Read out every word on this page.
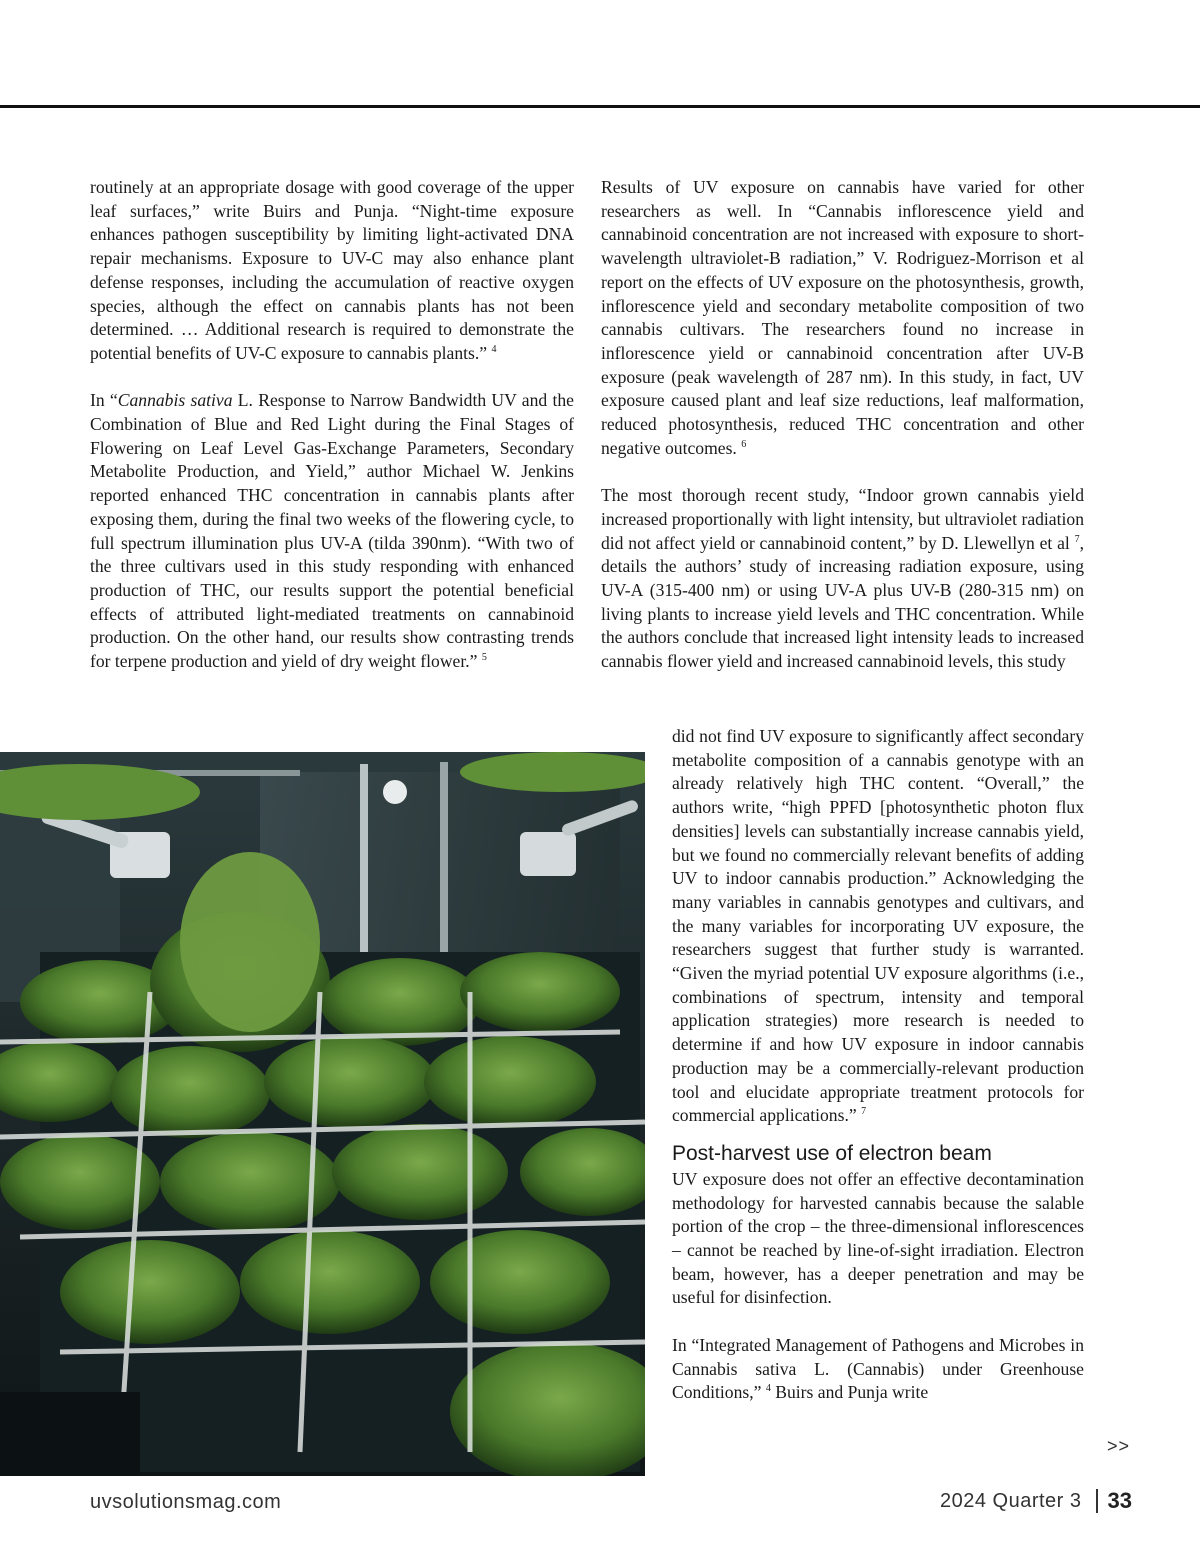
routinely at an appropriate dosage with good coverage of the upper leaf surfaces,” write Buirs and Punja. “Night-time exposure enhances pathogen susceptibility by limiting light-activated DNA repair mechanisms. Exposure to UV-C may also enhance plant defense responses, including the accumulation of reactive oxygen species, although the effect on cannabis plants has not been determined. … Additional research is required to demonstrate the potential benefits of UV-C exposure to cannabis plants.” $^4$

In “Cannabis sativa L. Response to Narrow Bandwidth UV and the Combination of Blue and Red Light during the Final Stages of Flowering on Leaf Level Gas-Exchange Parameters, Secondary Metabolite Production, and Yield,” author Michael W. Jenkins reported enhanced THC concentration in cannabis plants after exposing them, during the final two weeks of the flowering cycle, to full spectrum illumination plus UV-A (tilda 390nm). “With two of the three cultivars used in this study responding with enhanced production of THC, our results support the potential beneficial effects of attributed light-mediated treatments on cannabinoid production. On the other hand, our results show contrasting trends for terpene production and yield of dry weight flower.” $^5$

Results of UV exposure on cannabis have varied for other researchers as well. In “Cannabis inflorescence yield and cannabinoid concentration are not increased with exposure to short-wavelength ultraviolet-B radiation,” V. Rodriguez-Morrison et al report on the effects of UV exposure on the photosynthesis, growth, inflorescence yield and secondary metabolite composition of two cannabis cultivars. The researchers found no increase in inflorescence yield or cannabinoid concentration after UV-B exposure (peak wavelength of 287 nm). In this study, in fact, UV exposure caused plant and leaf size reductions, leaf malformation, reduced photosynthesis, reduced THC concentration and other negative outcomes. $^6$

The most thorough recent study, “Indoor grown cannabis yield increased proportionally with light intensity, but ultraviolet radiation did not affect yield or cannabinoid content,” by D. Llewellyn et al $^7$, details the authors’ study of increasing radiation exposure, using UV-A (315-400 nm) or using UV-A plus UV-B (280-315 nm) on living plants to increase yield levels and THC concentration. While the authors conclude that increased light intensity leads to increased cannabis flower yield and increased cannabinoid levels, this study

did not find UV exposure to significantly affect secondary metabolite composition of a cannabis genotype with an already relatively high THC content. “Overall,” the authors write, “high PPFD [photosynthetic photon flux densities] levels can substantially increase cannabis yield, but we found no commercially relevant benefits of adding UV to indoor cannabis production.” Acknowledging the many variables in cannabis genotypes and cultivars, and the many variables for incorporating UV exposure, the researchers suggest that further study is warranted. “Given the myriad potential UV exposure algorithms (i.e., combinations of spectrum, intensity and temporal application strategies) more research is needed to determine if and how UV exposure in indoor cannabis production may be a commercially-relevant production tool and elucidate appropriate treatment protocols for commercial applications.” $^7$

Post-harvest use of electron beam

UV exposure does not offer an effective decontamination methodology for harvested cannabis because the salable portion of the crop – the three-dimensional inflorescences – cannot be reached by line-of-sight irradiation. Electron beam, however, has a deeper penetration and may be useful for disinfection.

In “Integrated Management of Pathogens and Microbes in Cannabis sativa L. (Cannabis) under Greenhouse Conditions,” $^4$ Buirs and Punja write

>>
uvsolutionsmag.com	2024 Quarter 3 33
